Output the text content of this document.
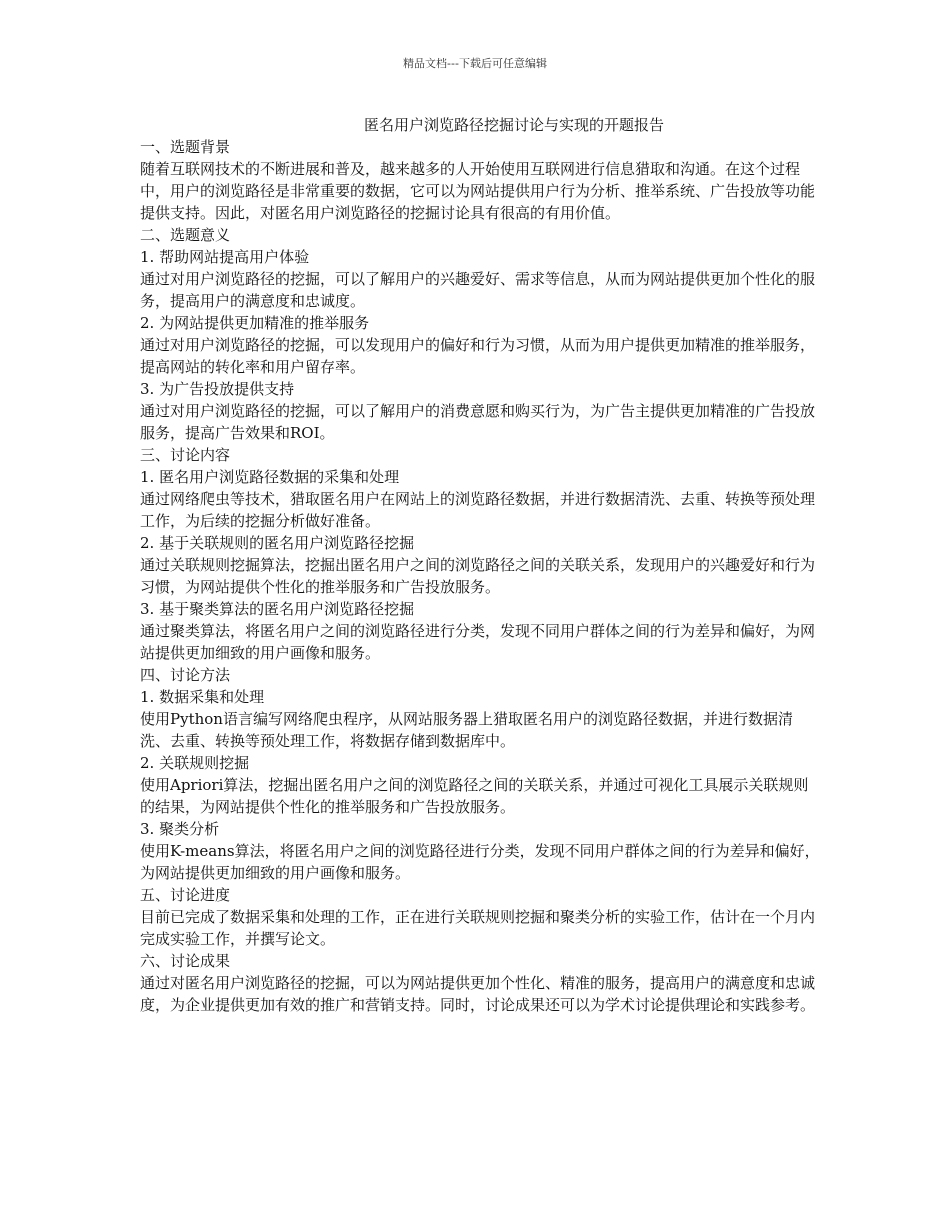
精品文档---下载后可任意编辑
匿名用户浏览路径挖掘讨论与实现的开题报告

一、选题背景

随着互联网技术的不断进展和普及，越来越多的人开始使用互联网进行信息猎取和沟通。在这个过程中，用户的浏览路径是非常重要的数据，它可以为网站提供用户行为分析、推举系统、广告投放等功能提供支持。因此，对匿名用户浏览路径的挖掘讨论具有很高的有用价值。

二、选题意义

1. 帮助网站提高用户体验

通过对用户浏览路径的挖掘，可以了解用户的兴趣爱好、需求等信息，从而为网站提供更加个性化的服务，提高用户的满意度和忠诚度。

2. 为网站提供更加精准的推举服务

通过对用户浏览路径的挖掘，可以发现用户的偏好和行为习惯，从而为用户提供更加精准的推举服务，提高网站的转化率和用户留存率。

3. 为广告投放提供支持

通过对用户浏览路径的挖掘，可以了解用户的消费意愿和购买行为，为广告主提供更加精准的广告投放服务，提高广告效果和ROI。

三、讨论内容

1. 匿名用户浏览路径数据的采集和处理

通过网络爬虫等技术，猎取匿名用户在网站上的浏览路径数据，并进行数据清洗、去重、转换等预处理工作，为后续的挖掘分析做好准备。

2. 基于关联规则的匿名用户浏览路径挖掘

通过关联规则挖掘算法，挖掘出匿名用户之间的浏览路径之间的关联关系，发现用户的兴趣爱好和行为习惯，为网站提供个性化的推举服务和广告投放服务。

3. 基于聚类算法的匿名用户浏览路径挖掘

通过聚类算法，将匿名用户之间的浏览路径进行分类，发现不同用户群体之间的行为差异和偏好，为网站提供更加细致的用户画像和服务。

四、讨论方法

1. 数据采集和处理

使用Python语言编写网络爬虫程序，从网站服务器上猎取匿名用户的浏览路径数据，并进行数据清洗、去重、转换等预处理工作，将数据存储到数据库中。

2. 关联规则挖掘

使用Apriori算法，挖掘出匿名用户之间的浏览路径之间的关联关系，并通过可视化工具展示关联规则的结果，为网站提供个性化的推举服务和广告投放服务。

3. 聚类分析

使用K-means算法，将匿名用户之间的浏览路径进行分类，发现不同用户群体之间的行为差异和偏好，为网站提供更加细致的用户画像和服务。

五、讨论进度

目前已完成了数据采集和处理的工作，正在进行关联规则挖掘和聚类分析的实验工作，估计在一个月内完成实验工作，并撰写论文。

六、讨论成果

通过对匿名用户浏览路径的挖掘，可以为网站提供更加个性化、精准的服务，提高用户的满意度和忠诚度，为企业提供更加有效的推广和营销支持。同时，讨论成果还可以为学术讨论提供理论和实践参考。
